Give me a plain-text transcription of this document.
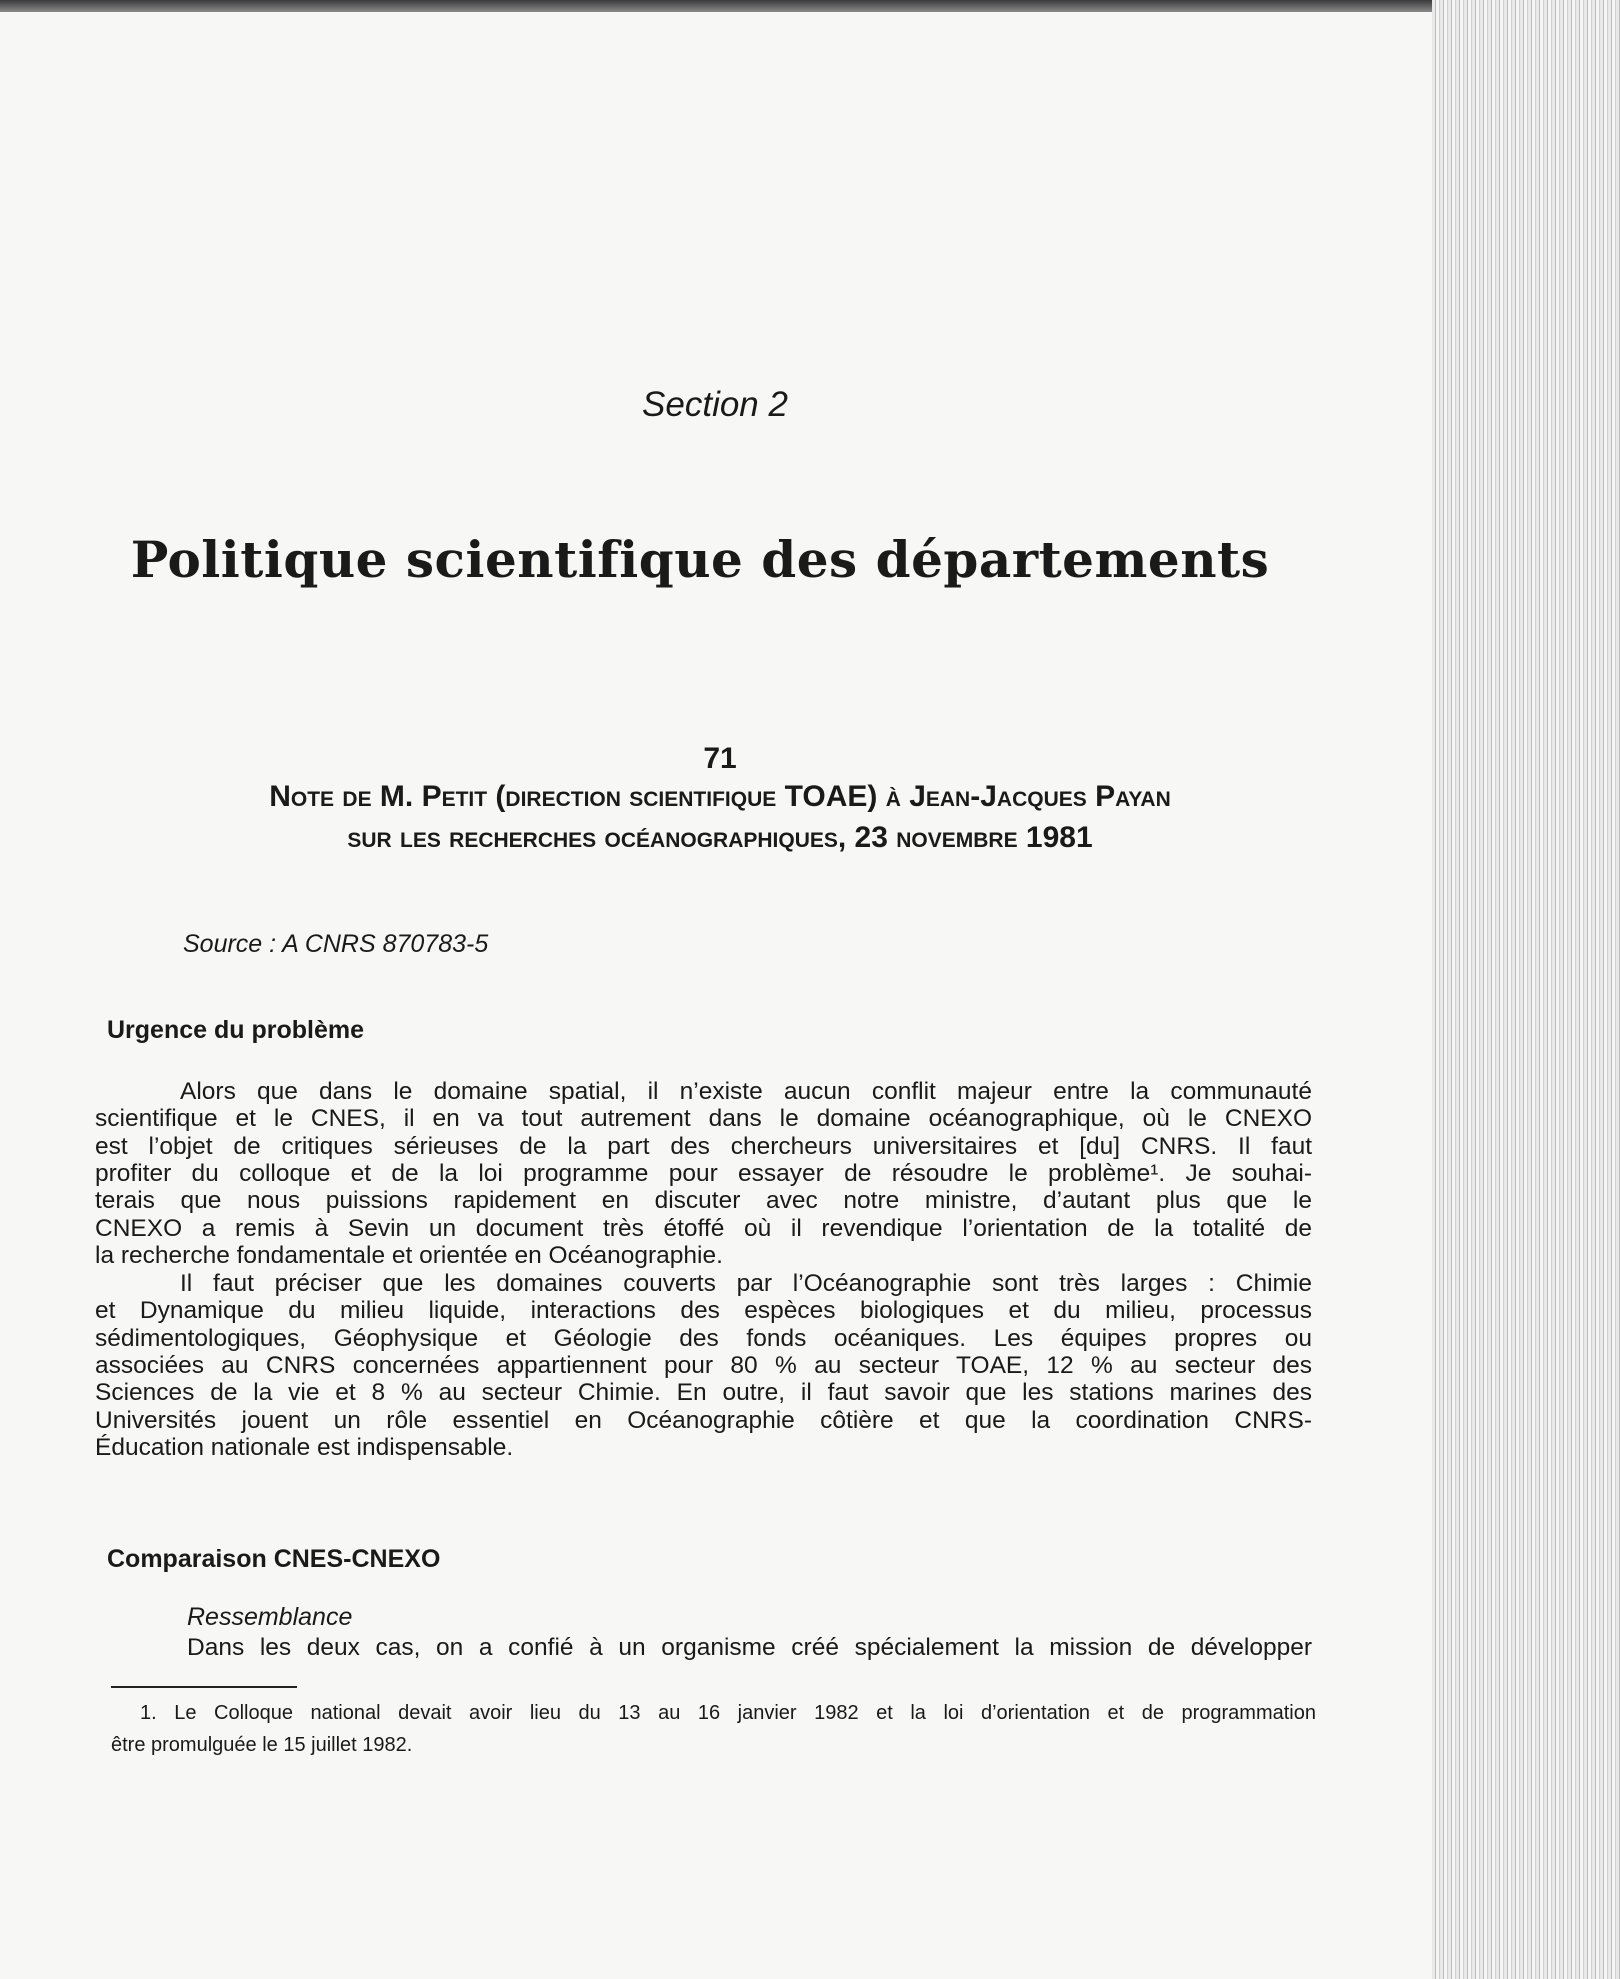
Section 2
Politique scientifique des départements
71
Note de M. Petit (direction scientifique TOAE) à Jean-Jacques Payan
sur les recherches océanographiques, 23 novembre 1981
Source : A CNRS 870783-5
Urgence du problème
Alors que dans le domaine spatial, il n’existe aucun conflit majeur entre la communauté
scientifique et le CNES, il en va tout autrement dans le domaine océanographique, où le CNEXO
est l’objet de critiques sérieuses de la part des chercheurs universitaires et [du] CNRS. Il faut
profiter du colloque et de la loi programme pour essayer de résoudre le problème¹. Je souhai-
terais que nous puissions rapidement en discuter avec notre ministre, d’autant plus que le
CNEXO a remis à Sevin un document très étoffé où il revendique l’orientation de la totalité de
la recherche fondamentale et orientée en Océanographie.
Il faut préciser que les domaines couverts par l’Océanographie sont très larges : Chimie
et Dynamique du milieu liquide, interactions des espèces biologiques et du milieu, processus
sédimentologiques, Géophysique et Géologie des fonds océaniques. Les équipes propres ou
associées au CNRS concernées appartiennent pour 80 % au secteur TOAE, 12 % au secteur des
Sciences de la vie et 8 % au secteur Chimie. En outre, il faut savoir que les stations marines des
Universités jouent un rôle essentiel en Océanographie côtière et que la coordination CNRS-
Éducation nationale est indispensable.
Comparaison CNES-CNEXO
Ressemblance
Dans les deux cas, on a confié à un organisme créé spécialement la mission de développer
1. Le Colloque national devait avoir lieu du 13 au 16 janvier 1982 et la loi d’orientation et de programmation
être promulguée le 15 juillet 1982.
